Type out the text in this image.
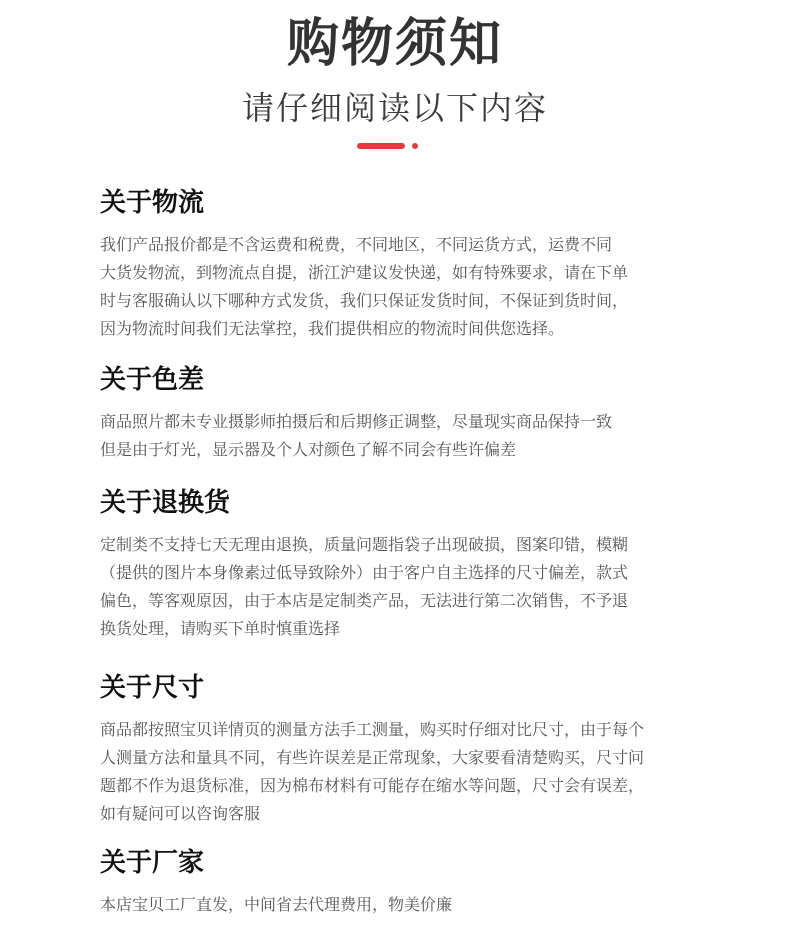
购物须知
请仔细阅读以下内容
关于物流
我们产品报价都是不含运费和税费，不同地区，不同运货方式，运费不同
大货发物流，到物流点自提，浙江沪建议发快递，如有特殊要求，请在下单
时与客服确认以下哪种方式发货，我们只保证发货时间，不保证到货时间，
因为物流时间我们无法掌控，我们提供相应的物流时间供您选择。
关于色差
商品照片都未专业摄影师拍摄后和后期修正调整，尽量现实商品保持一致
但是由于灯光，显示器及个人对颜色了解不同会有些许偏差
关于退换货
定制类不支持七天无理由退换，质量问题指袋子出现破损，图案印错，模糊
（提供的图片本身像素过低导致除外）由于客户自主选择的尺寸偏差，款式
偏色，等客观原因，由于本店是定制类产品，无法进行第二次销售，不予退
换货处理，请购买下单时慎重选择
关于尺寸
商品都按照宝贝详情页的测量方法手工测量，购买时仔细对比尺寸，由于每个
人测量方法和量具不同，有些许误差是正常现象，大家要看清楚购买，尺寸问
题都不作为退货标准，因为棉布材料有可能存在缩水等问题，尺寸会有误差，
如有疑问可以咨询客服
关于厂家
本店宝贝工厂直发，中间省去代理费用，物美价廉
